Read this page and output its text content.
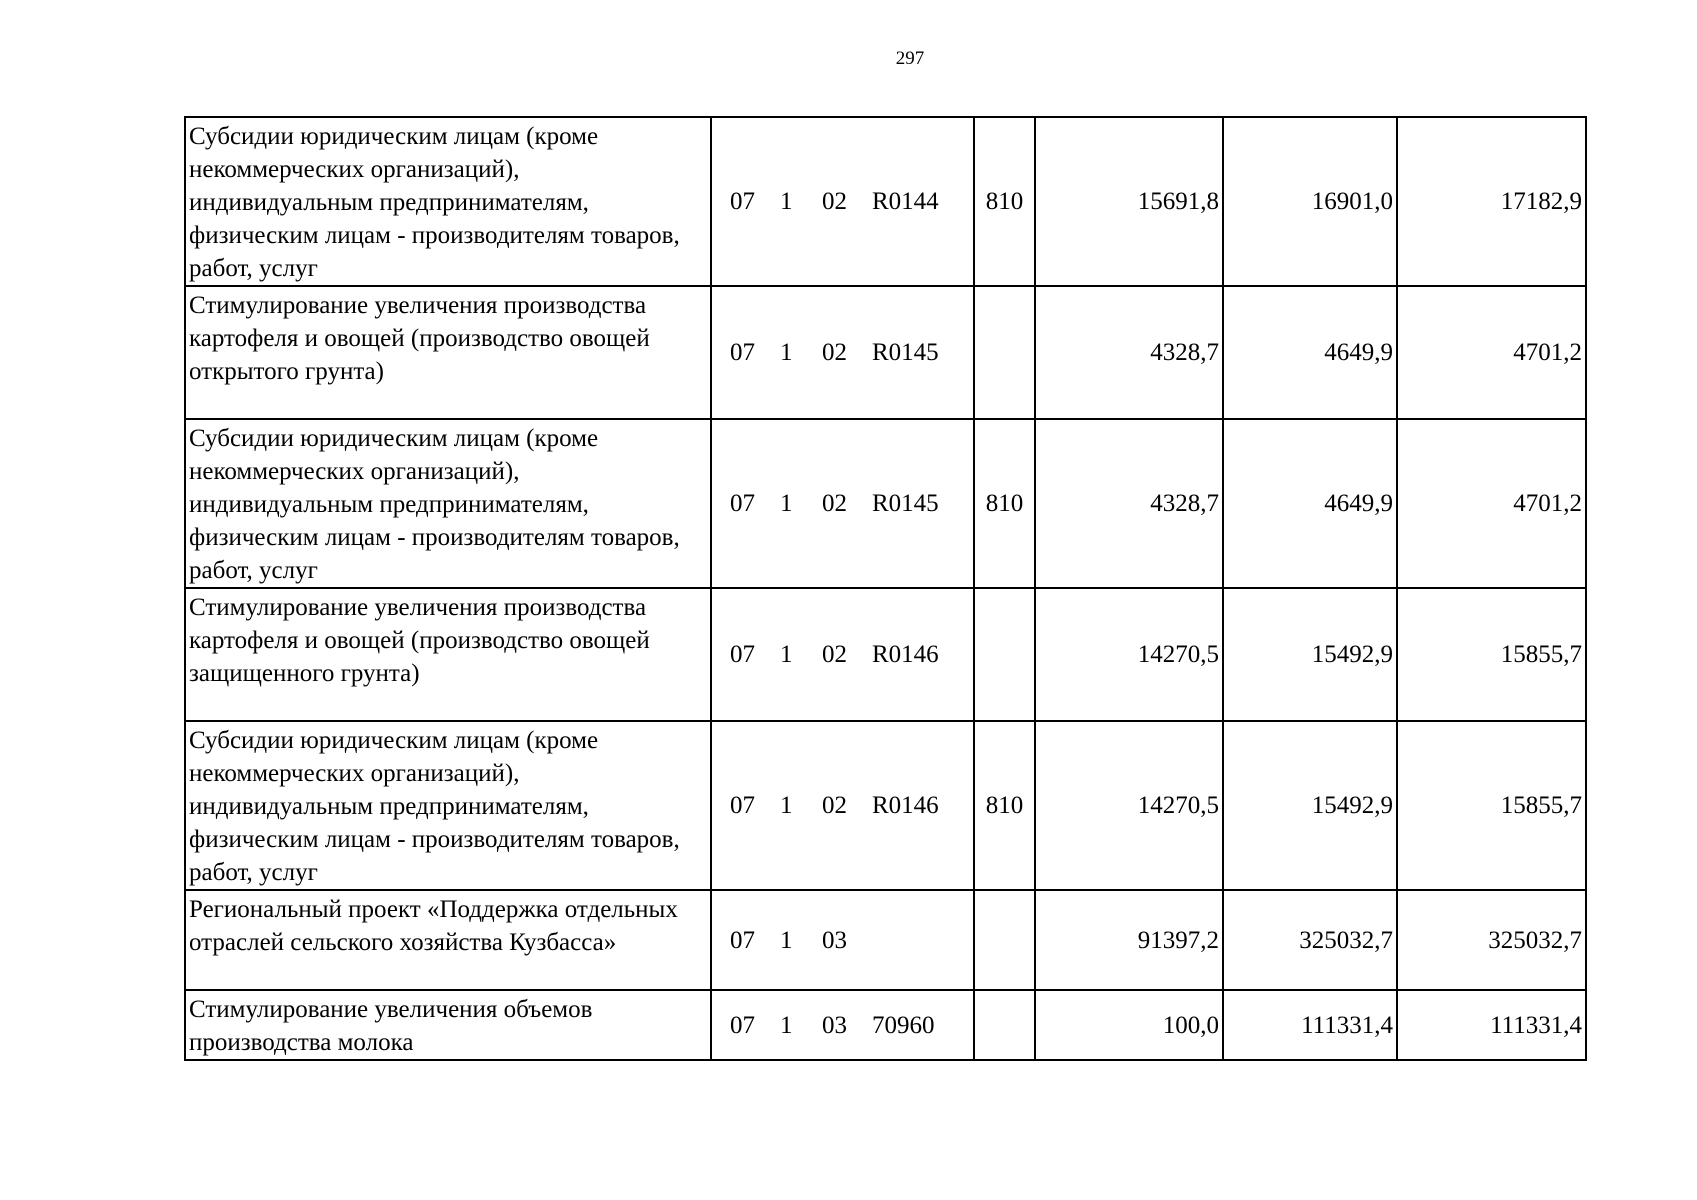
297
Субсидии юридическим лицам (кроме некоммерческих организаций), индивидуальным предпринимателям, физическим лицам - производителям товаров, работ, услуг	07 1 02 R0144	810	15691,8	16901,0	17182,9
Стимулирование увеличения производства картофеля и овощей (производство овощей открытого грунта)	07 1 02 R0145		4328,7	4649,9	4701,2
Субсидии юридическим лицам (кроме некоммерческих организаций), индивидуальным предпринимателям, физическим лицам - производителям товаров, работ, услуг	07 1 02 R0145	810	4328,7	4649,9	4701,2
Стимулирование увеличения производства картофеля и овощей (производство овощей защищенного грунта)	07 1 02 R0146		14270,5	15492,9	15855,7
Субсидии юридическим лицам (кроме некоммерческих организаций), индивидуальным предпринимателям, физическим лицам - производителям товаров, работ, услуг	07 1 02 R0146	810	14270,5	15492,9	15855,7
Региональный проект «Поддержка отдельных отраслей сельского хозяйства Кузбасса»	07 1 03		91397,2	325032,7	325032,7
Стимулирование увеличения объемов производства молока	07 1 03 70960		100,0	111331,4	111331,4
